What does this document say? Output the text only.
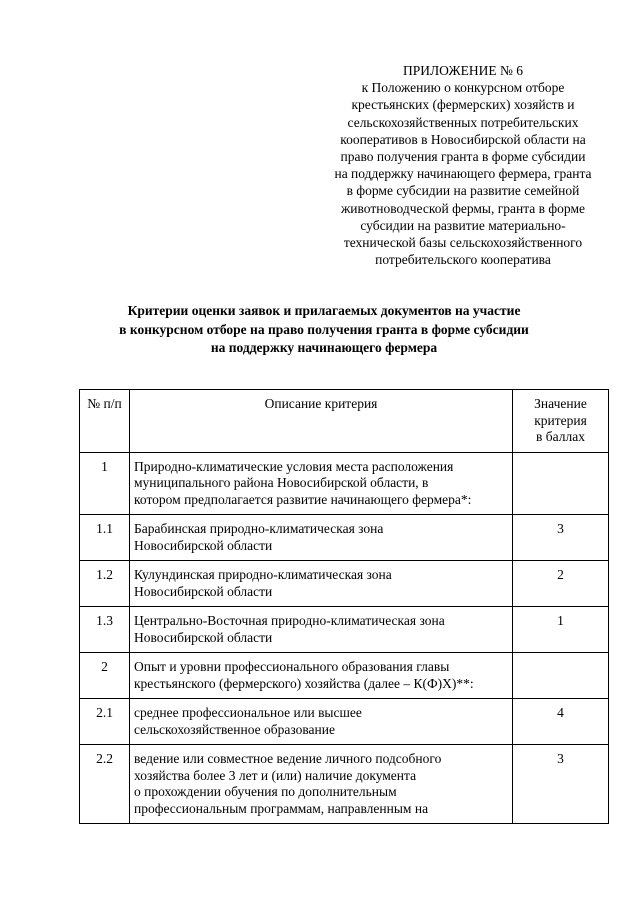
ПРИЛОЖЕНИЕ № 6
к Положению о конкурсном отборе
крестьянских (фермерских) хозяйств и
сельскохозяйственных потребительских
кооперативов в Новосибирской области на
право получения гранта в форме субсидии
на поддержку начинающего фермера, гранта
в форме субсидии на развитие семейной
животноводческой фермы, гранта в форме
субсидии на развитие материально-
технической базы сельскохозяйственного
потребительского кооператива
Критерии оценки заявок и прилагаемых документов на участие
в конкурсном отборе на право получения гранта в форме субсидии
на поддержку начинающего фермера
№ п/п	Описание критерия	Значение
критерия
в баллах

1	Природно-климатические условия места расположения
муниципального района Новосибирской области, в
котором предполагается развитие начинающего фермера*:	

1.1	Барабинская природно-климатическая зона
Новосибирской области	3
1.2	Кулундинская природно-климатическая зона
Новосибирской области	2
1.3	Центрально-Восточная природно-климатическая зона
Новосибирской области	1
2	Опыт и уровни профессионального образования главы
крестьянского (фермерского) хозяйства (далее – К(Ф)Х)**:	

2.1	среднее профессиональное или высшее
сельскохозяйственное образование	4
2.2	ведение или совместное ведение личного подсобного
хозяйства более 3 лет и (или) наличие документа
о прохождении обучения по дополнительным
профессиональным программам, направленным на	3
